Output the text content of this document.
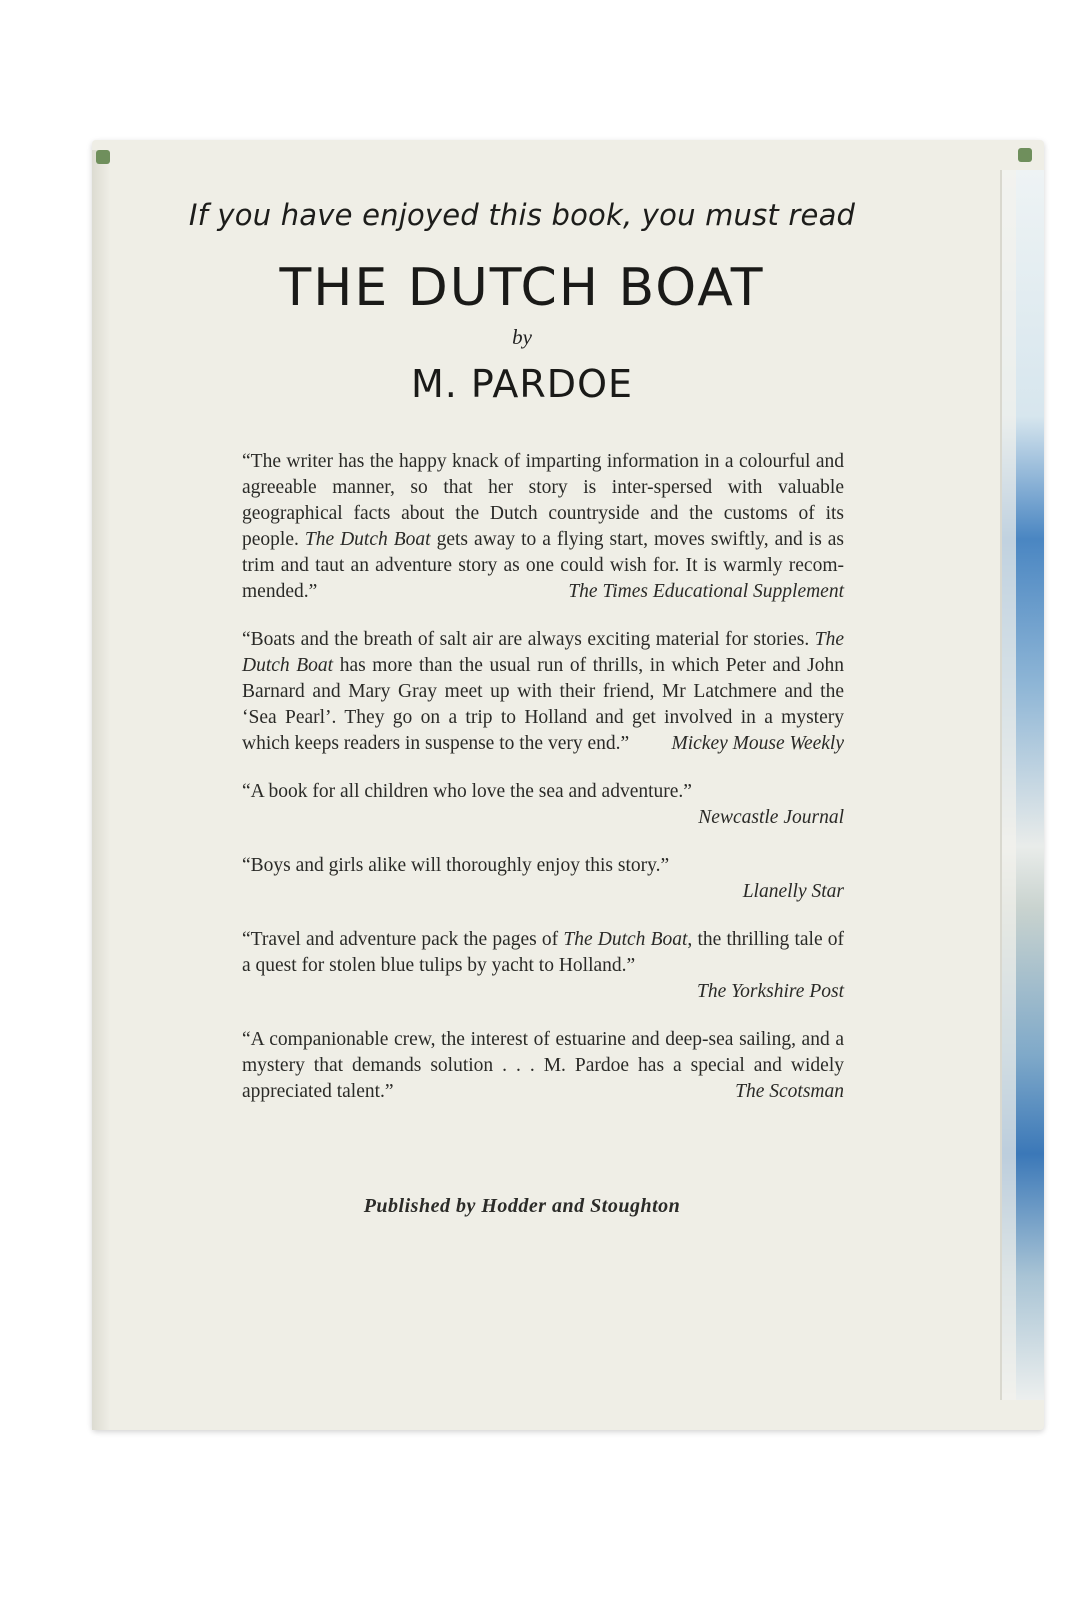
If you have enjoyed this book, you must read
THE DUTCH BOAT
by
M. PARDOE

“The writer has the happy knack of imparting information in a colourful and agreeable manner, so that her story is inter-spersed with valuable geographical facts about the Dutch countryside and the customs of its people. The Dutch Boat gets away to a flying start, moves swiftly, and is as trim and taut an adventure story as one could wish for. It is warmly recom-mended.”	The Times Educational Supplement

“Boats and the breath of salt air are always exciting material for stories. The Dutch Boat has more than the usual run of thrills, in which Peter and John Barnard and Mary Gray meet up with their friend, Mr Latchmere and the ‘Sea Pearl’. They go on a trip to Holland and get involved in a mystery which keeps readers in suspense to the very end.” Mickey Mouse Weekly

“A book for all children who love the sea and adventure.”

Newcastle Journal

“Boys and girls alike will thoroughly enjoy this story.”

Llanelly Star

“Travel and adventure pack the pages of The Dutch Boat, the thrilling tale of a quest for stolen blue tulips by yacht to Holland.”

The Yorkshire Post

“A companionable crew, the interest of estuarine and deep-sea sailing, and a mystery that demands solution . . . M. Pardoe has a special and widely appreciated talent.”	The Scotsman

Published by Hodder and Stoughton
